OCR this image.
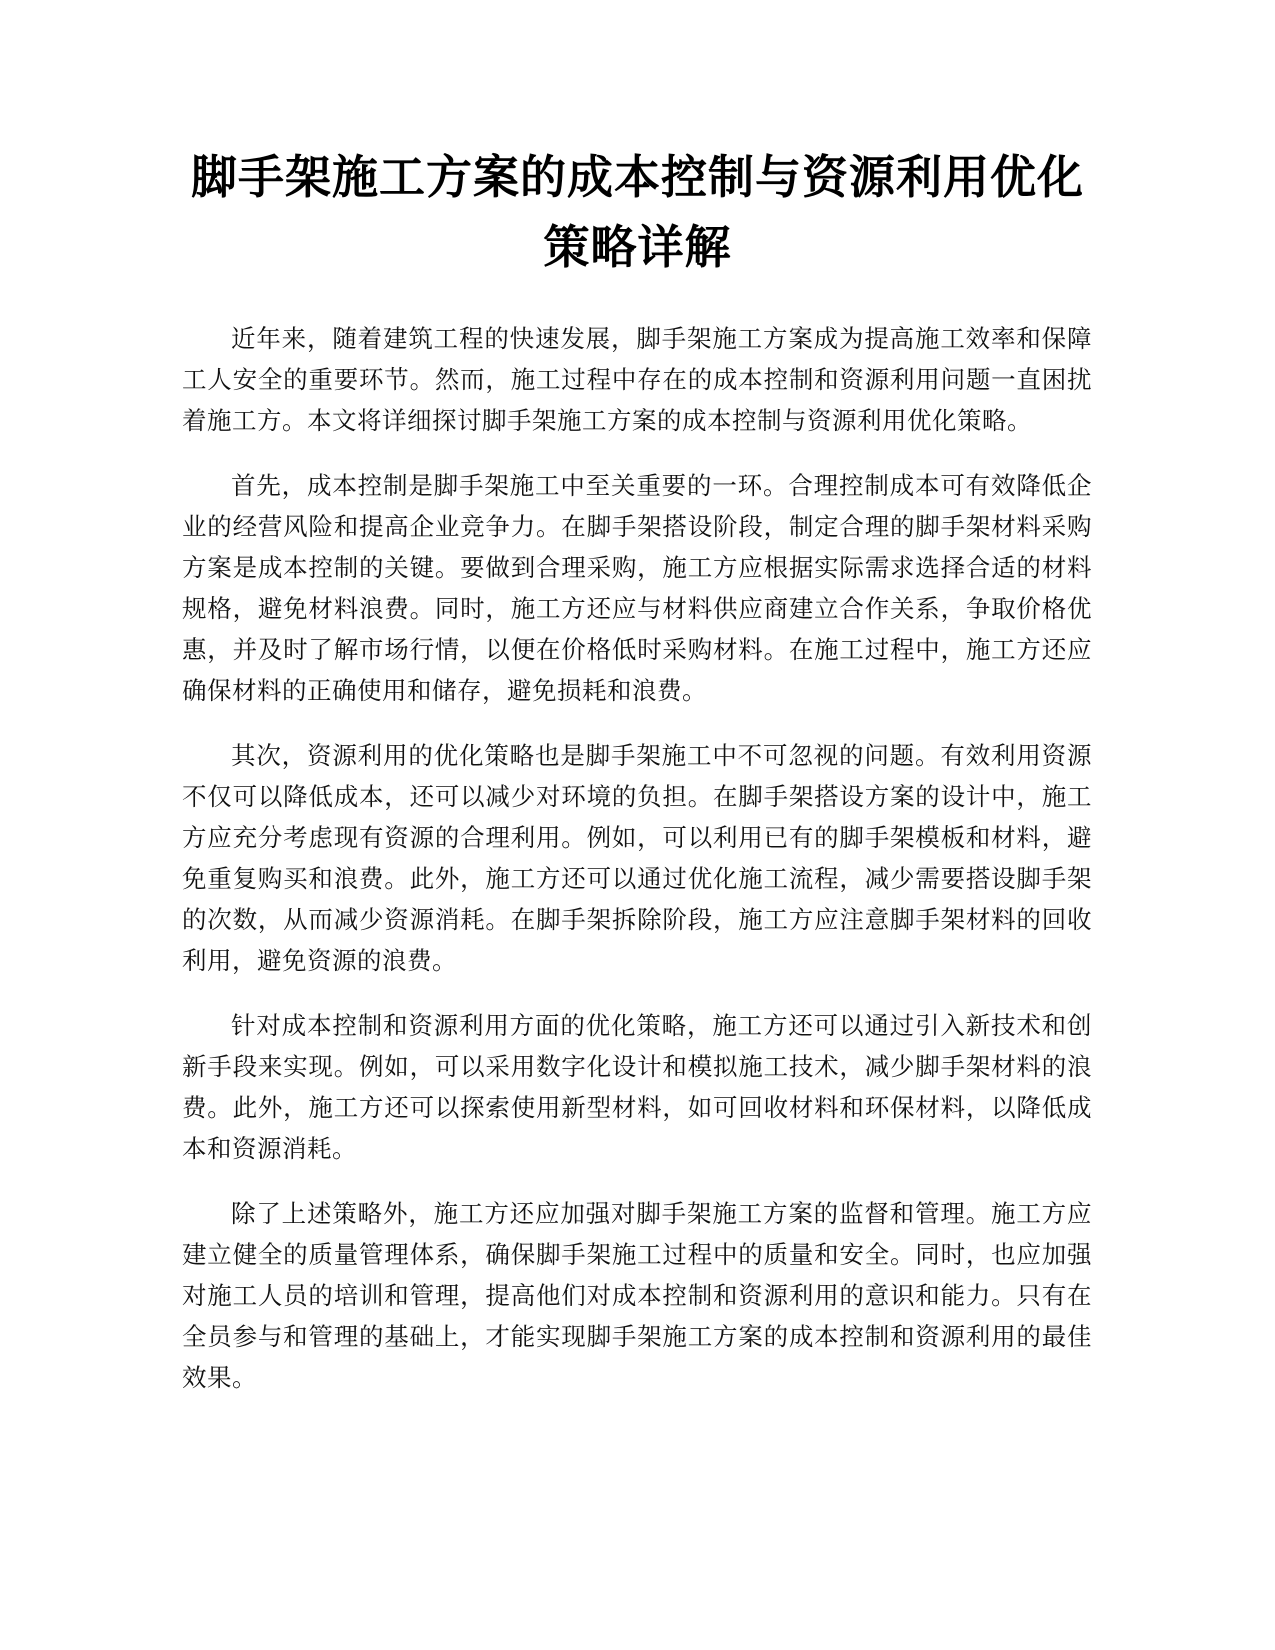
脚手架施工方案的成本控制与资源利用优化
策略详解

近年来，随着建筑工程的快速发展，脚手架施工方案成为提高施工效率和保障工人安全的重要环节。然而，施工过程中存在的成本控制和资源利用问题一直困扰着施工方。本文将详细探讨脚手架施工方案的成本控制与资源利用优化策略。

首先，成本控制是脚手架施工中至关重要的一环。合理控制成本可有效降低企业的经营风险和提高企业竞争力。在脚手架搭设阶段，制定合理的脚手架材料采购方案是成本控制的关键。要做到合理采购，施工方应根据实际需求选择合适的材料规格，避免材料浪费。同时，施工方还应与材料供应商建立合作关系，争取价格优惠，并及时了解市场行情，以便在价格低时采购材料。在施工过程中，施工方还应确保材料的正确使用和储存，避免损耗和浪费。

其次，资源利用的优化策略也是脚手架施工中不可忽视的问题。有效利用资源不仅可以降低成本，还可以减少对环境的负担。在脚手架搭设方案的设计中，施工方应充分考虑现有资源的合理利用。例如，可以利用已有的脚手架模板和材料，避免重复购买和浪费。此外，施工方还可以通过优化施工流程，减少需要搭设脚手架的次数，从而减少资源消耗。在脚手架拆除阶段，施工方应注意脚手架材料的回收利用，避免资源的浪费。

针对成本控制和资源利用方面的优化策略，施工方还可以通过引入新技术和创新手段来实现。例如，可以采用数字化设计和模拟施工技术，减少脚手架材料的浪费。此外，施工方还可以探索使用新型材料，如可回收材料和环保材料，以降低成本和资源消耗。

除了上述策略外，施工方还应加强对脚手架施工方案的监督和管理。施工方应建立健全的质量管理体系，确保脚手架施工过程中的质量和安全。同时，也应加强对施工人员的培训和管理，提高他们对成本控制和资源利用的意识和能力。只有在全员参与和管理的基础上，才能实现脚手架施工方案的成本控制和资源利用的最佳效果。
